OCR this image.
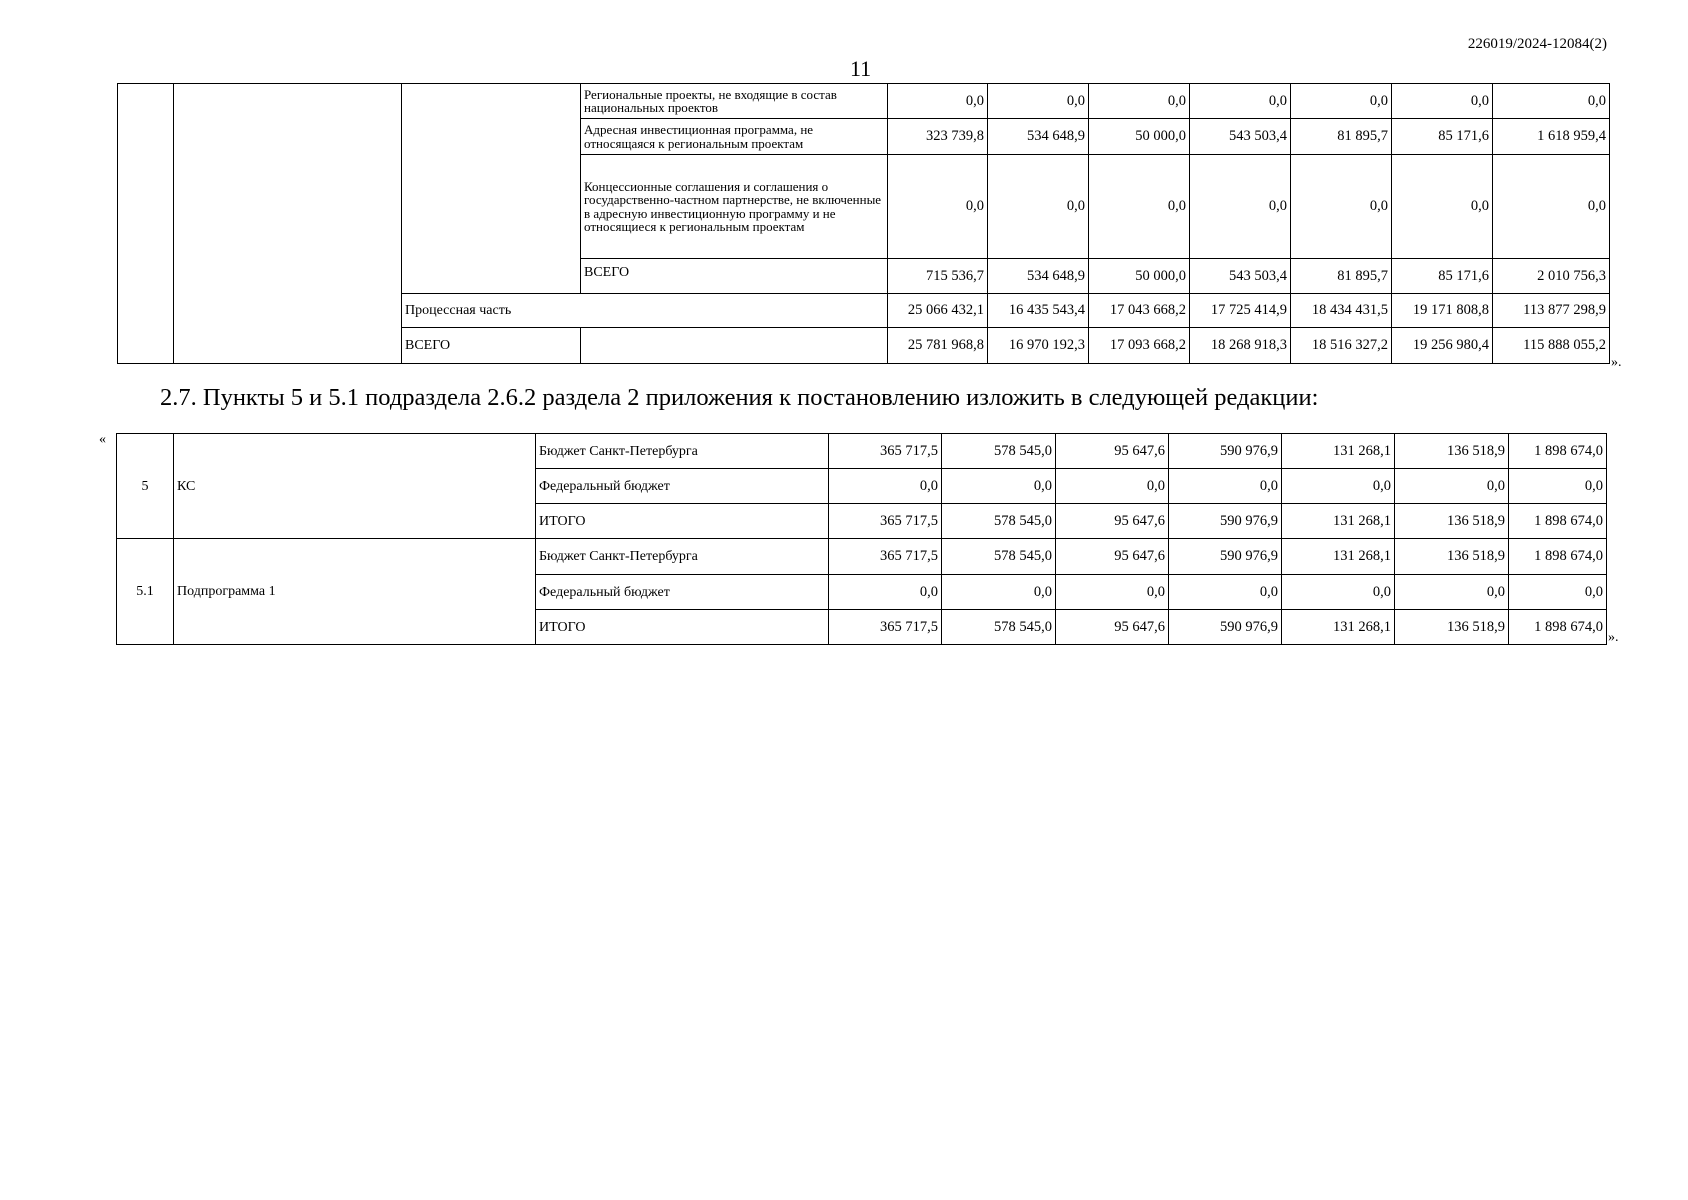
226019/2024-12084(2)
11
			Региональные проекты, не входящие в состав национальных проектов	0,0	0,0	0,0	0,0	0,0	0,0	0,0
			Адресная инвестиционная программа, не относящаяся к региональным проектам	323 739,8	534 648,9	50 000,0	543 503,4	81 895,7	85 171,6	1 618 959,4
			Концессионные соглашения и соглашения о государственно-частном партнерстве, не включенные в адресную инвестиционную программу и не относящиеся к региональным проектам	0,0	0,0	0,0	0,0	0,0	0,0	0,0
			ВСЕГО	715 536,7	534 648,9	50 000,0	543 503,4	81 895,7	85 171,6	2 010 756,3
		Процессная часть		25 066 432,1	16 435 543,4	17 043 668,2	17 725 414,9	18 434 431,5	19 171 808,8	113 877 298,9
		ВСЕГО		25 781 968,8	16 970 192,3	17 093 668,2	18 268 918,3	18 516 327,2	19 256 980,4	115 888 055,2
».
2.7. Пункты 5 и 5.1 подраздела 2.6.2 раздела 2 приложения к постановлению изложить в следующей редакции:
«
5	КС	Бюджет Санкт-Петербурга	365 717,5	578 545,0	95 647,6	590 976,9	131 268,1	136 518,9	1 898 674,0
		Федеральный бюджет	0,0	0,0	0,0	0,0	0,0	0,0	0,0
		ИТОГО	365 717,5	578 545,0	95 647,6	590 976,9	131 268,1	136 518,9	1 898 674,0
5.1	Подпрограмма 1	Бюджет Санкт-Петербурга	365 717,5	578 545,0	95 647,6	590 976,9	131 268,1	136 518,9	1 898 674,0
		Федеральный бюджет	0,0	0,0	0,0	0,0	0,0	0,0	0,0
		ИТОГО	365 717,5	578 545,0	95 647,6	590 976,9	131 268,1	136 518,9	1 898 674,0
».
